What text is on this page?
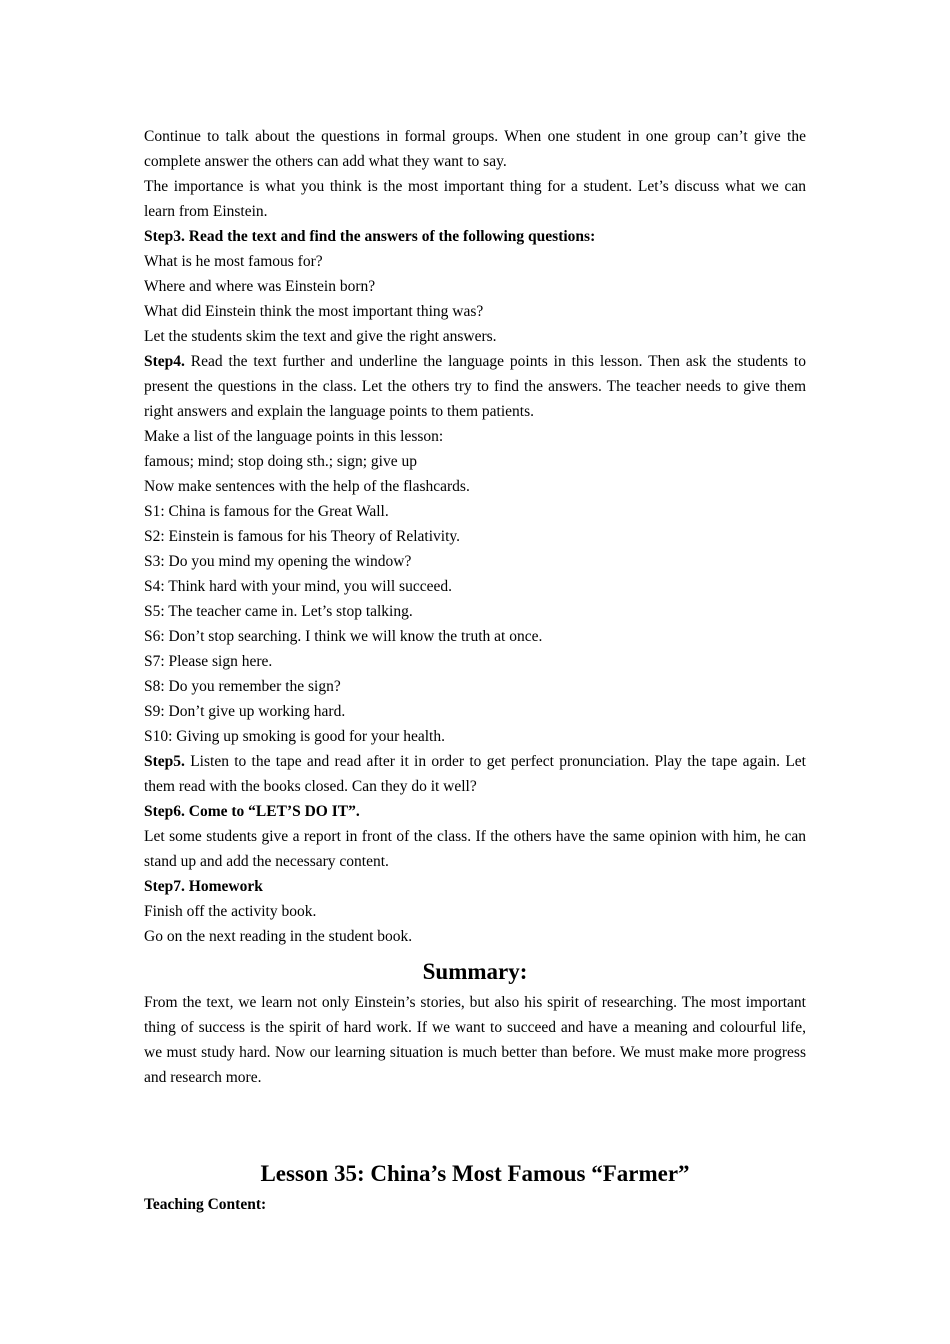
Continue to talk about the questions in formal groups. When one student in one group can’t give the complete answer the others can add what they want to say.

The importance is what you think is the most important thing for a student. Let’s discuss what we can learn from Einstein.

Step3. Read the text and find the answers of the following questions:

What is he most famous for?

Where and where was Einstein born?

What did Einstein think the most important thing was?

Let the students skim the text and give the right answers.

Step4. Read the text further and underline the language points in this lesson. Then ask the students to present the questions in the class. Let the others try to find the answers. The teacher needs to give them right answers and explain the language points to them patients.

Make a list of the language points in this lesson:

famous; mind; stop doing sth.; sign; give up

Now make sentences with the help of the flashcards.

S1: China is famous for the Great Wall.

S2: Einstein is famous for his Theory of Relativity.

S3: Do you mind my opening the window?

S4: Think hard with your mind, you will succeed.

S5: The teacher came in. Let’s stop talking.

S6: Don’t stop searching. I think we will know the truth at once.

S7: Please sign here.

S8: Do you remember the sign?

S9: Don’t give up working hard.

S10: Giving up smoking is good for your health.

Step5. Listen to the tape and read after it in order to get perfect pronunciation. Play the tape again. Let them read with the books closed. Can they do it well?

Step6. Come to “LET’S DO IT”.

Let some students give a report in front of the class. If the others have the same opinion with him, he can stand up and add the necessary content.

Step7. Homework

Finish off the activity book.

Go on the next reading in the student book.

Summary:

From the text, we learn not only Einstein’s stories, but also his spirit of researching. The most important thing of success is the spirit of hard work. If we want to succeed and have a meaning and colourful life, we must study hard. Now our learning situation is much better than before. We must make more progress and research more.

Lesson 35: China’s Most Famous “Farmer”

Teaching Content:
